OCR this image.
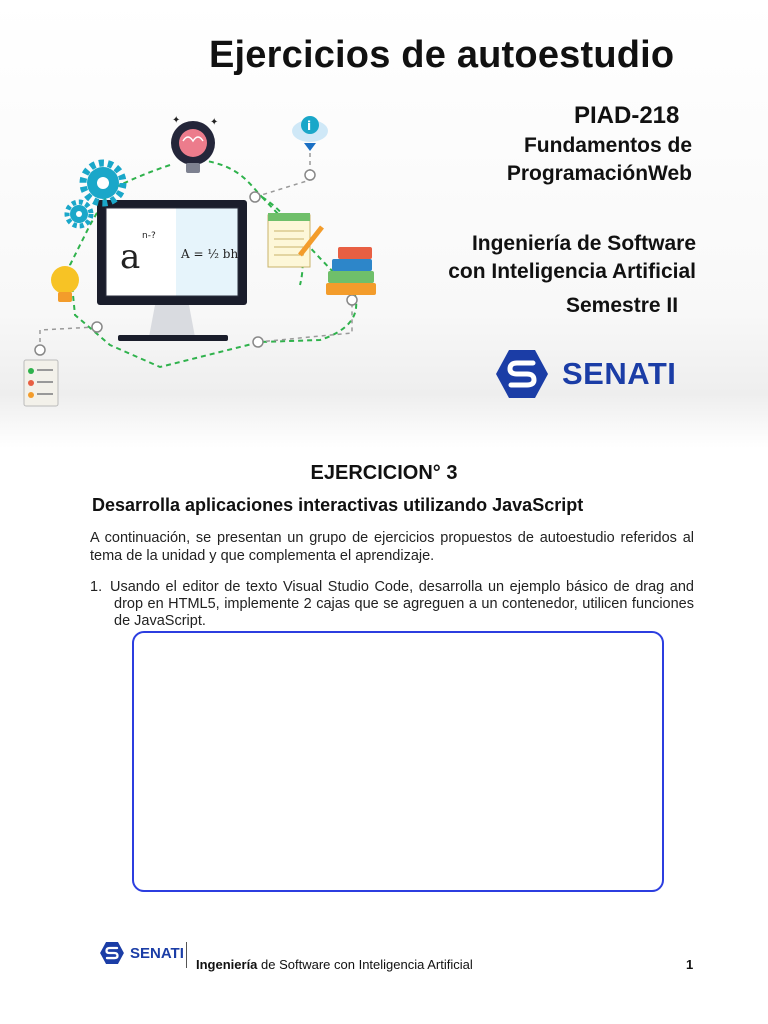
a
n-?
A = ½ bh
✦	✦	i
Ejercicios de autoestudio
PIAD-218
Fundamentos de
ProgramaciónWeb
Ingeniería de Software
con Inteligencia Artificial
Semestre II
SENATI
EJERCICION° 3
Desarrolla aplicaciones interactivas utilizando JavaScript
A continuación, se presentan un grupo de ejercicios propuestos de autoestudio referidos al tema de la unidad y que complementa el aprendizaje.
1. Usando el editor de texto Visual Studio Code, desarrolla un ejemplo básico de drag and drop en HTML5, implemente 2 cajas que se agreguen a un contenedor, utilicen funciones de JavaScript.
SENATI
Ingeniería de Software con Inteligencia Artificial	1
